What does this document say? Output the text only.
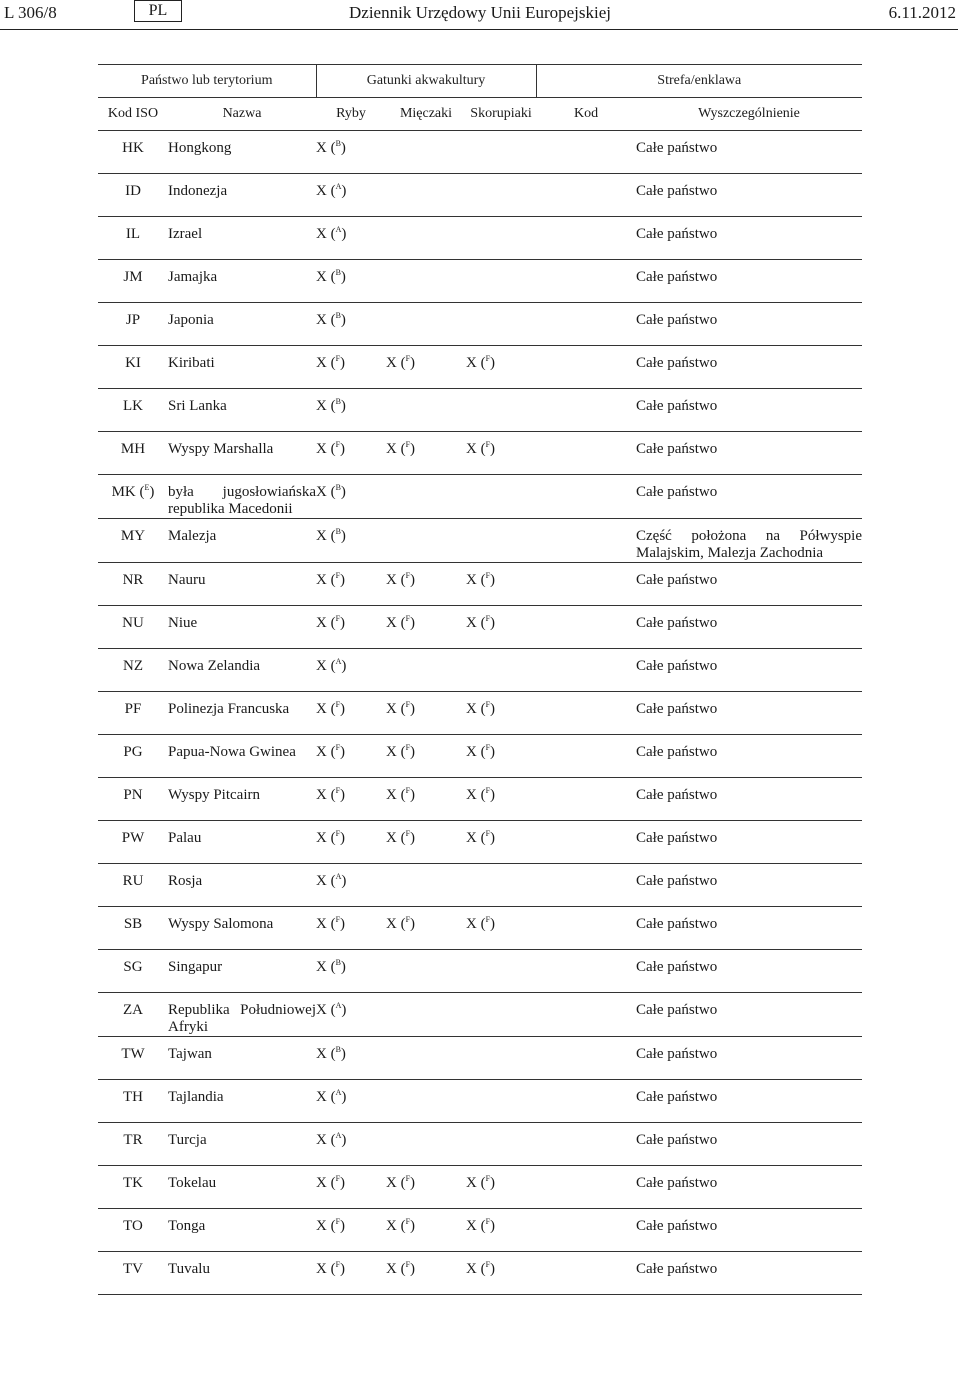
L 306/8	PL	Dziennik Urzędowy Unii Europejskiej	6.11.2012
Państwo lub terytorium		Gatunki akwakultury			Strefa/enklawa	
Kod ISO	Nazwa	Ryby	Mięczaki	Skorupiaki	Kod	Wyszczególnienie
HK	Hongkong	X ($^B$)				Całe państwo
ID	Indonezja	X ($^A$)				Całe państwo
IL	Izrael	X ($^A$)				Całe państwo
JM	Jamajka	X ($^B$)				Całe państwo
JP	Japonia	X ($^B$)				Całe państwo
KI	Kiribati	X ($^F$)	X ($^F$)	X ($^F$)		Całe państwo
LK	Sri Lanka	X ($^B$)				Całe państwo
MH	Wyspy Marshalla	X ($^F$)	X ($^F$)	X ($^F$)		Całe państwo
MK ($^E$)	była jugosłowiańska republika Macedonii	X ($^B$)				Całe państwo
MY	Malezja	X ($^B$)				Część położona na Półwyspie Malajskim, Malezja Zachodnia
NR	Nauru	X ($^F$)	X ($^F$)	X ($^F$)		Całe państwo
NU	Niue	X ($^F$)	X ($^F$)	X ($^F$)		Całe państwo
NZ	Nowa Zelandia	X ($^A$)				Całe państwo
PF	Polinezja Francuska	X ($^F$)	X ($^F$)	X ($^F$)		Całe państwo
PG	Papua-Nowa Gwinea	X ($^F$)	X ($^F$)	X ($^F$)		Całe państwo
PN	Wyspy Pitcairn	X ($^F$)	X ($^F$)	X ($^F$)		Całe państwo
PW	Palau	X ($^F$)	X ($^F$)	X ($^F$)		Całe państwo
RU	Rosja	X ($^A$)				Całe państwo
SB	Wyspy Salomona	X ($^F$)	X ($^F$)	X ($^F$)		Całe państwo
SG	Singapur	X ($^B$)				Całe państwo
ZA	Republika Południowej Afryki	X ($^A$)				Całe państwo
TW	Tajwan	X ($^B$)				Całe państwo
TH	Tajlandia	X ($^A$)				Całe państwo
TR	Turcja	X ($^A$)				Całe państwo
TK	Tokelau	X ($^F$)	X ($^F$)	X ($^F$)		Całe państwo
TO	Tonga	X ($^F$)	X ($^F$)	X ($^F$)		Całe państwo
TV	Tuvalu	X ($^F$)	X ($^F$)	X ($^F$)		Całe państwo
